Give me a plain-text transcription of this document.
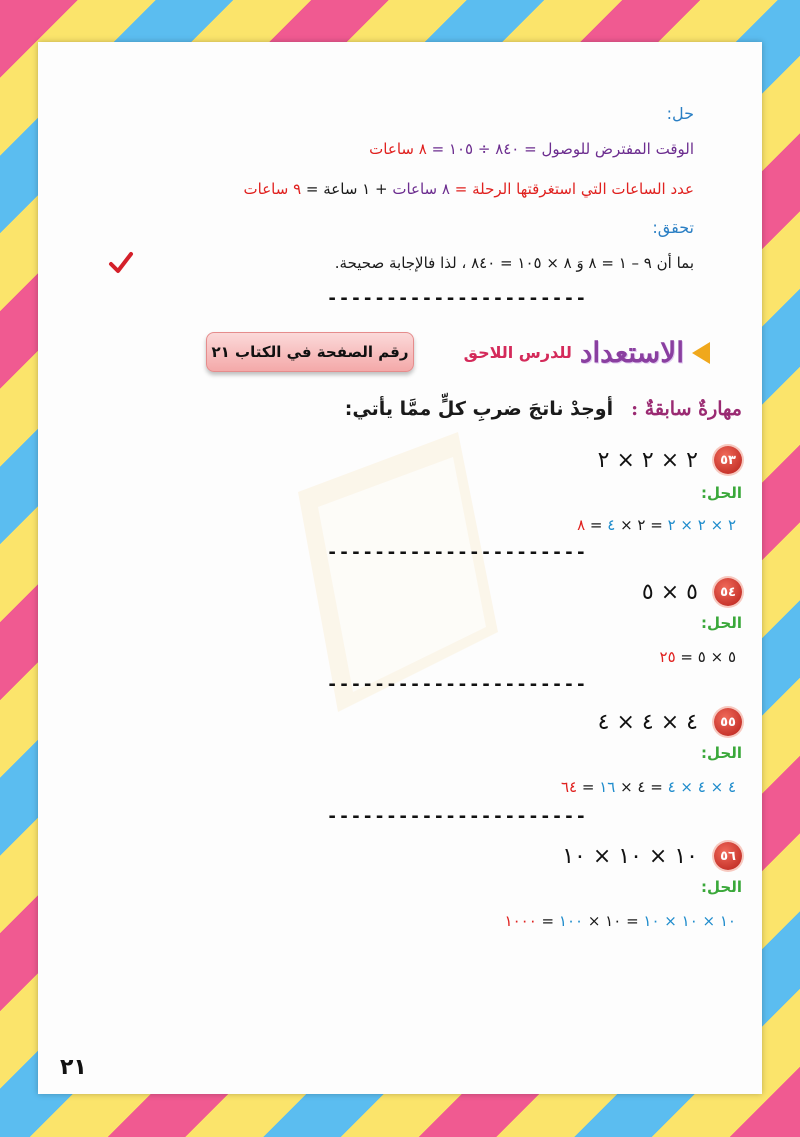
حل:
الوقت المفترض للوصول = ٨٤٠ ÷ ١٠٥ = ٨ ساعات
عدد الساعات التي استغرقتها الرحلة = ٨ ساعات + ١ ساعة = ٩ ساعات
تحقق:
بما أن ٩ – ١ = ٨ وَ ٨ × ١٠٥ = ٨٤٠ ، لذا فالإجابة صحيحة.
----------------------
الاستعداد
للدرس اللاحق
رقم الصفحة في الكتاب ٢١
مهارةٌ سابقةٌ :
أوجدْ ناتجَ ضربِ كلٍّ ممَّا يأتي:
٥٣
٢ × ٢ × ٢
الحل:
٢ × ٢ × ٢ = ٢ × ٤ = ٨
----------------------
٥٤
٥ × ٥
الحل:
٥ × ٥ = ٢٥
----------------------
٥٥
٤ × ٤ × ٤
الحل:
٤ × ٤ × ٤ = ٤ × ١٦ = ٦٤
----------------------
٥٦
١٠ × ١٠ × ١٠
الحل:
١٠ × ١٠ × ١٠ = ١٠ × ١٠٠ = ١٠٠٠
٢١
